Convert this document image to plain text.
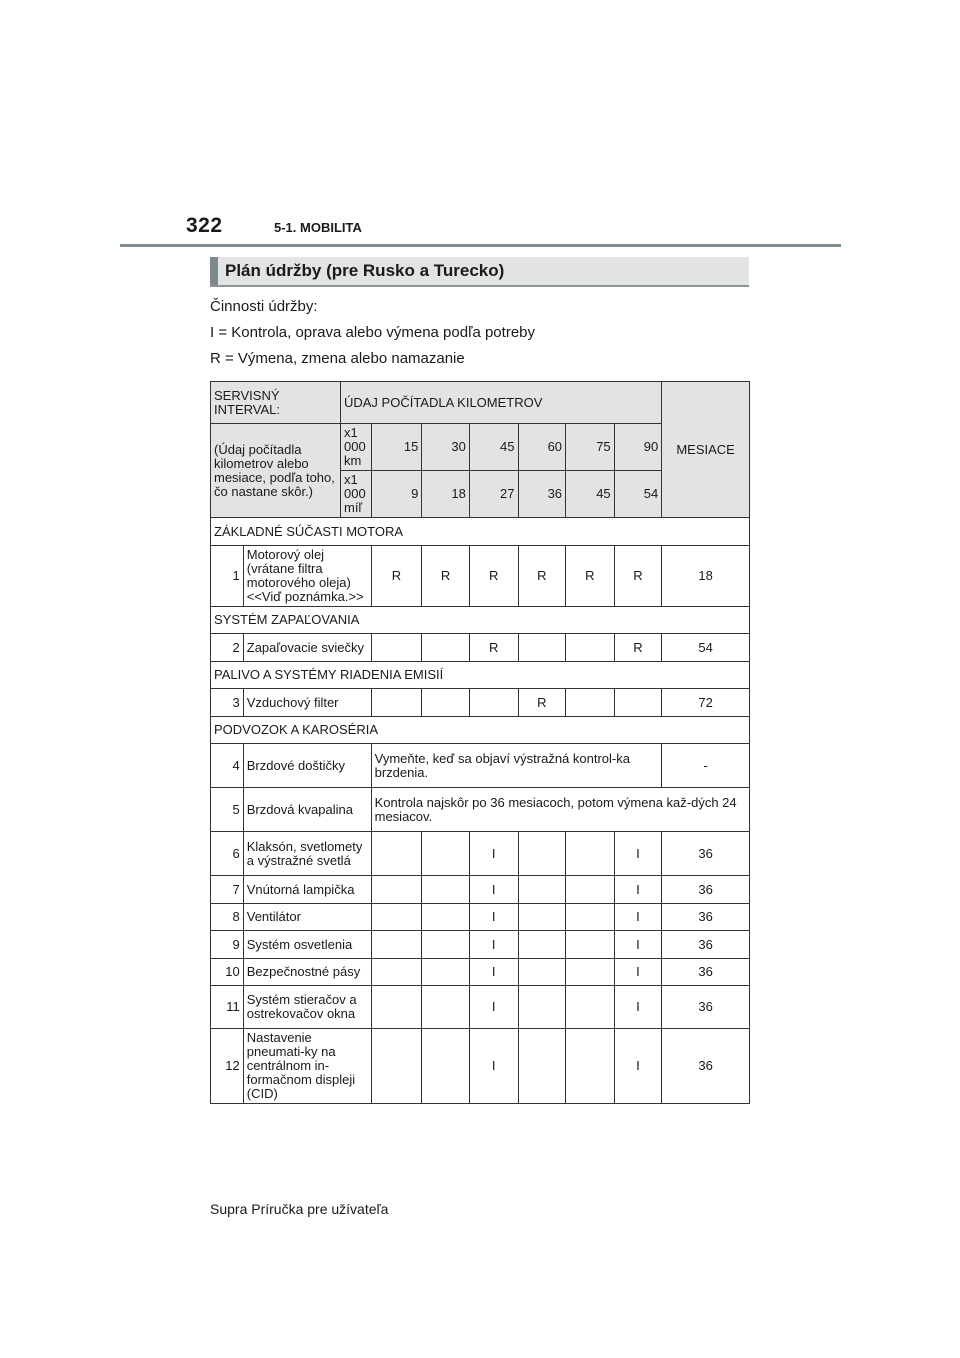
322	5-1. MOBILITA
Plán údržby (pre Rusko a Turecko)
Činnosti údržby:
I = Kontrola, oprava alebo výmena podľa potreby
R = Výmena, zmena alebo namazanie
SERVISNÝ INTERVAL:		ÚDAJ POČÍTADLA KILOMETROV							MESIACE
(Údaj počítadla kilometrov alebo mesiace, podľa toho, čo nastane skôr.)		x1 000 km	15	30	45	60	75	90	
		x1 000 míľ	9	18	27	36	45	54	
ZÁKLADNÉ SÚČASTI MOTORA									
1	Motorový olej (vrátane filtra motorového oleja) <<Viď poznámka.>>		R	R	R	R	R	R	18
SYSTÉM ZAPAĽOVANIA									
2	Zapaľovacie sviečky				R			R	54
PALIVO A SYSTÉMY RIADENIA EMISIÍ									
3	Vzduchový filter					R			72
PODVOZOK A KAROSÉRIA									
4	Brzdové doštičky		Vymeňte, keď sa objaví výstražná kontrol-ka brzdenia.						-
5	Brzdová kvapalina		Kontrola najskôr po 36 mesiacoch, potom výmena kaž-dých 24 mesiacov.						
6	Klaksón, svetlomety a výstražné svetlá				I			I	36
7	Vnútorná lampička				I			I	36
8	Ventilátor				I			I	36
9	Systém osvetlenia				I			I	36
10	Bezpečnostné pásy				I			I	36
11	Systém stieračov a ostrekovačov okna				I			I	36
12	Nastavenie pneumati-ky na centrálnom in-formačnom displeji (CID)				I			I	36
Supra Príručka pre užívateľa
